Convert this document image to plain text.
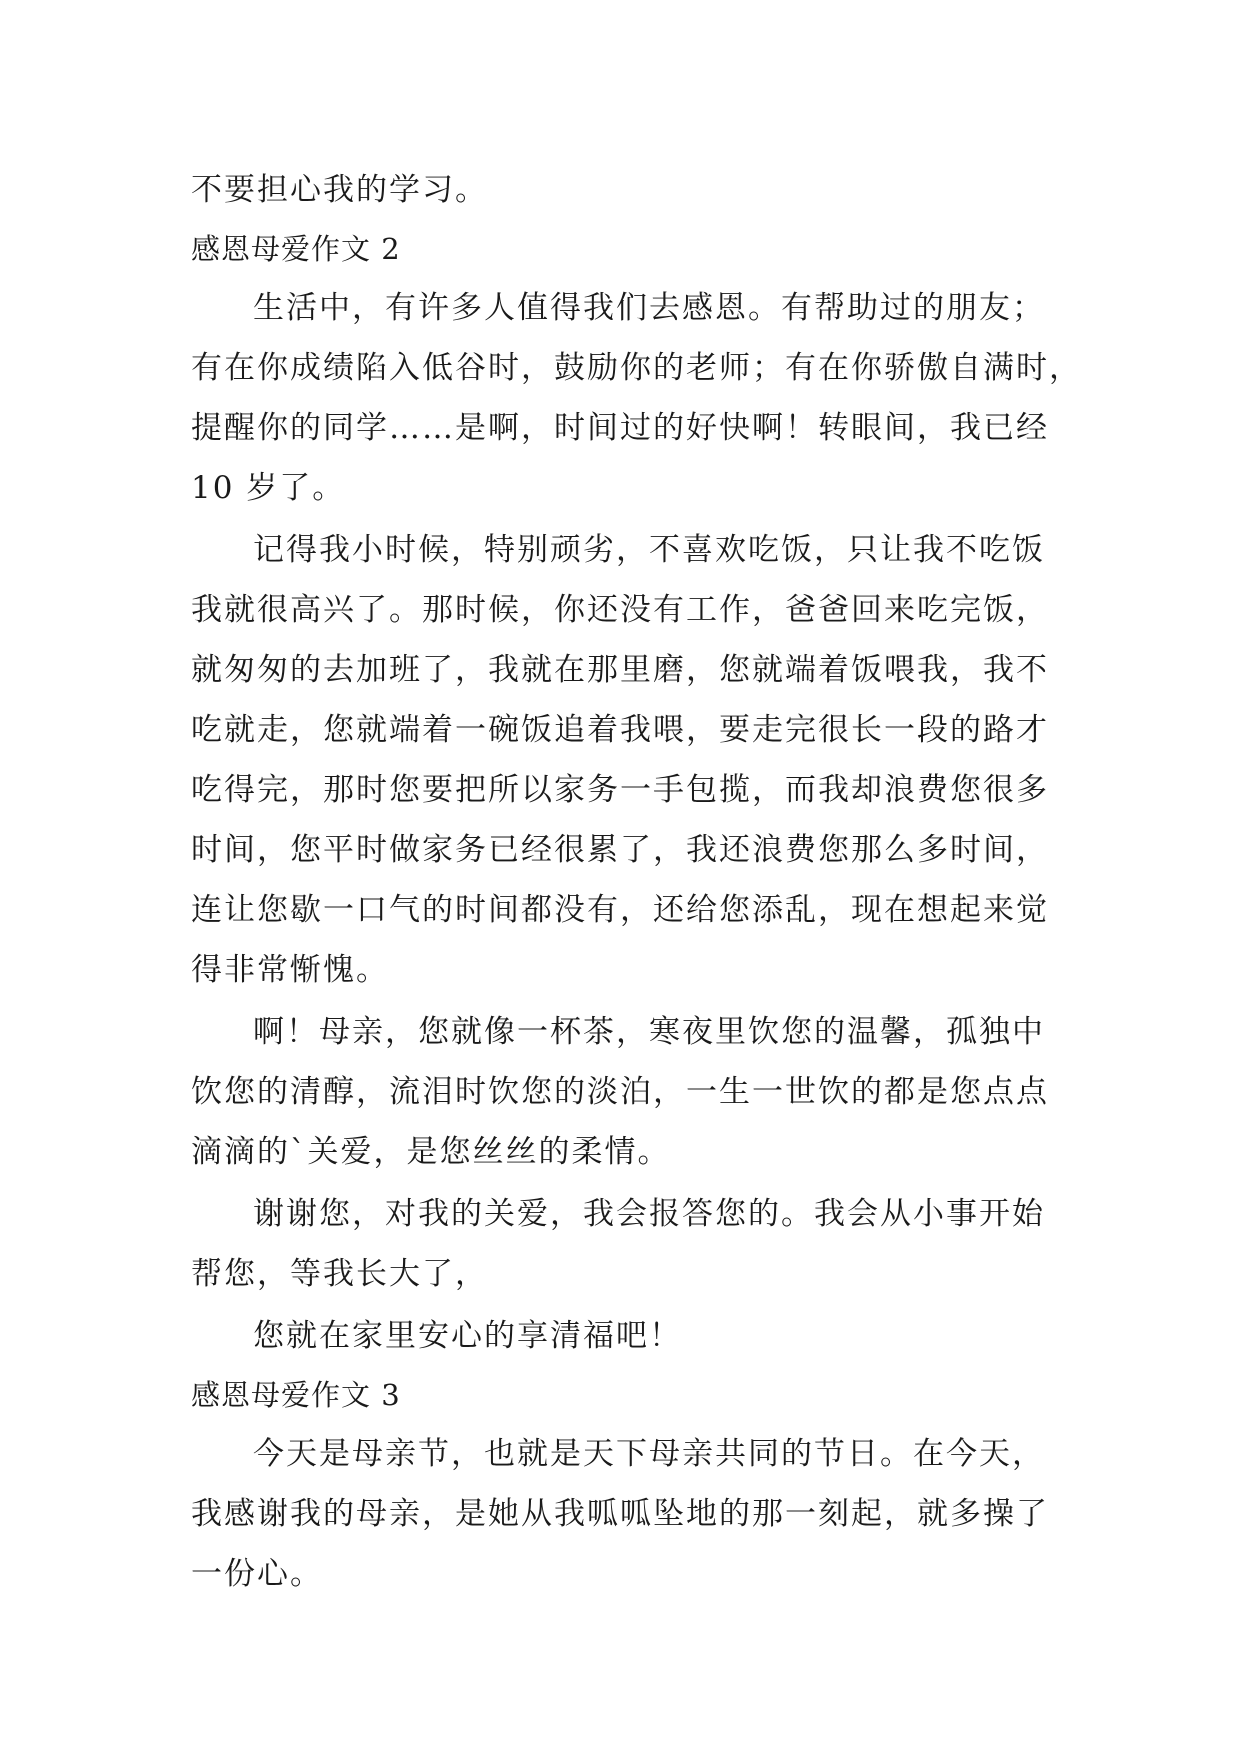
不要担心我的学习。
感恩母爱作文 2
生活中，有许多人值得我们去感恩。有帮助过的朋友；
有在你成绩陷入低谷时，鼓励你的老师；有在你骄傲自满时，
提醒你的同学……是啊，时间过的好快啊！转眼间，我已经
10 岁了。
记得我小时候，特别顽劣，不喜欢吃饭，只让我不吃饭
我就很高兴了。那时候，你还没有工作，爸爸回来吃完饭，
就匆匆的去加班了，我就在那里磨，您就端着饭喂我，我不
吃就走，您就端着一碗饭追着我喂，要走完很长一段的路才
吃得完，那时您要把所以家务一手包揽，而我却浪费您很多
时间，您平时做家务已经很累了，我还浪费您那么多时间，
连让您歇一口气的时间都没有，还给您添乱，现在想起来觉
得非常惭愧。
啊！母亲，您就像一杯茶，寒夜里饮您的温馨，孤独中
饮您的清醇，流泪时饮您的淡泊，一生一世饮的都是您点点
滴滴的`关爱，是您丝丝的柔情。
谢谢您，对我的关爱，我会报答您的。我会从小事开始
帮您，等我长大了，
您就在家里安心的享清福吧！
感恩母爱作文 3
今天是母亲节，也就是天下母亲共同的节日。在今天，
我感谢我的母亲，是她从我呱呱坠地的那一刻起，就多操了
一份心。
